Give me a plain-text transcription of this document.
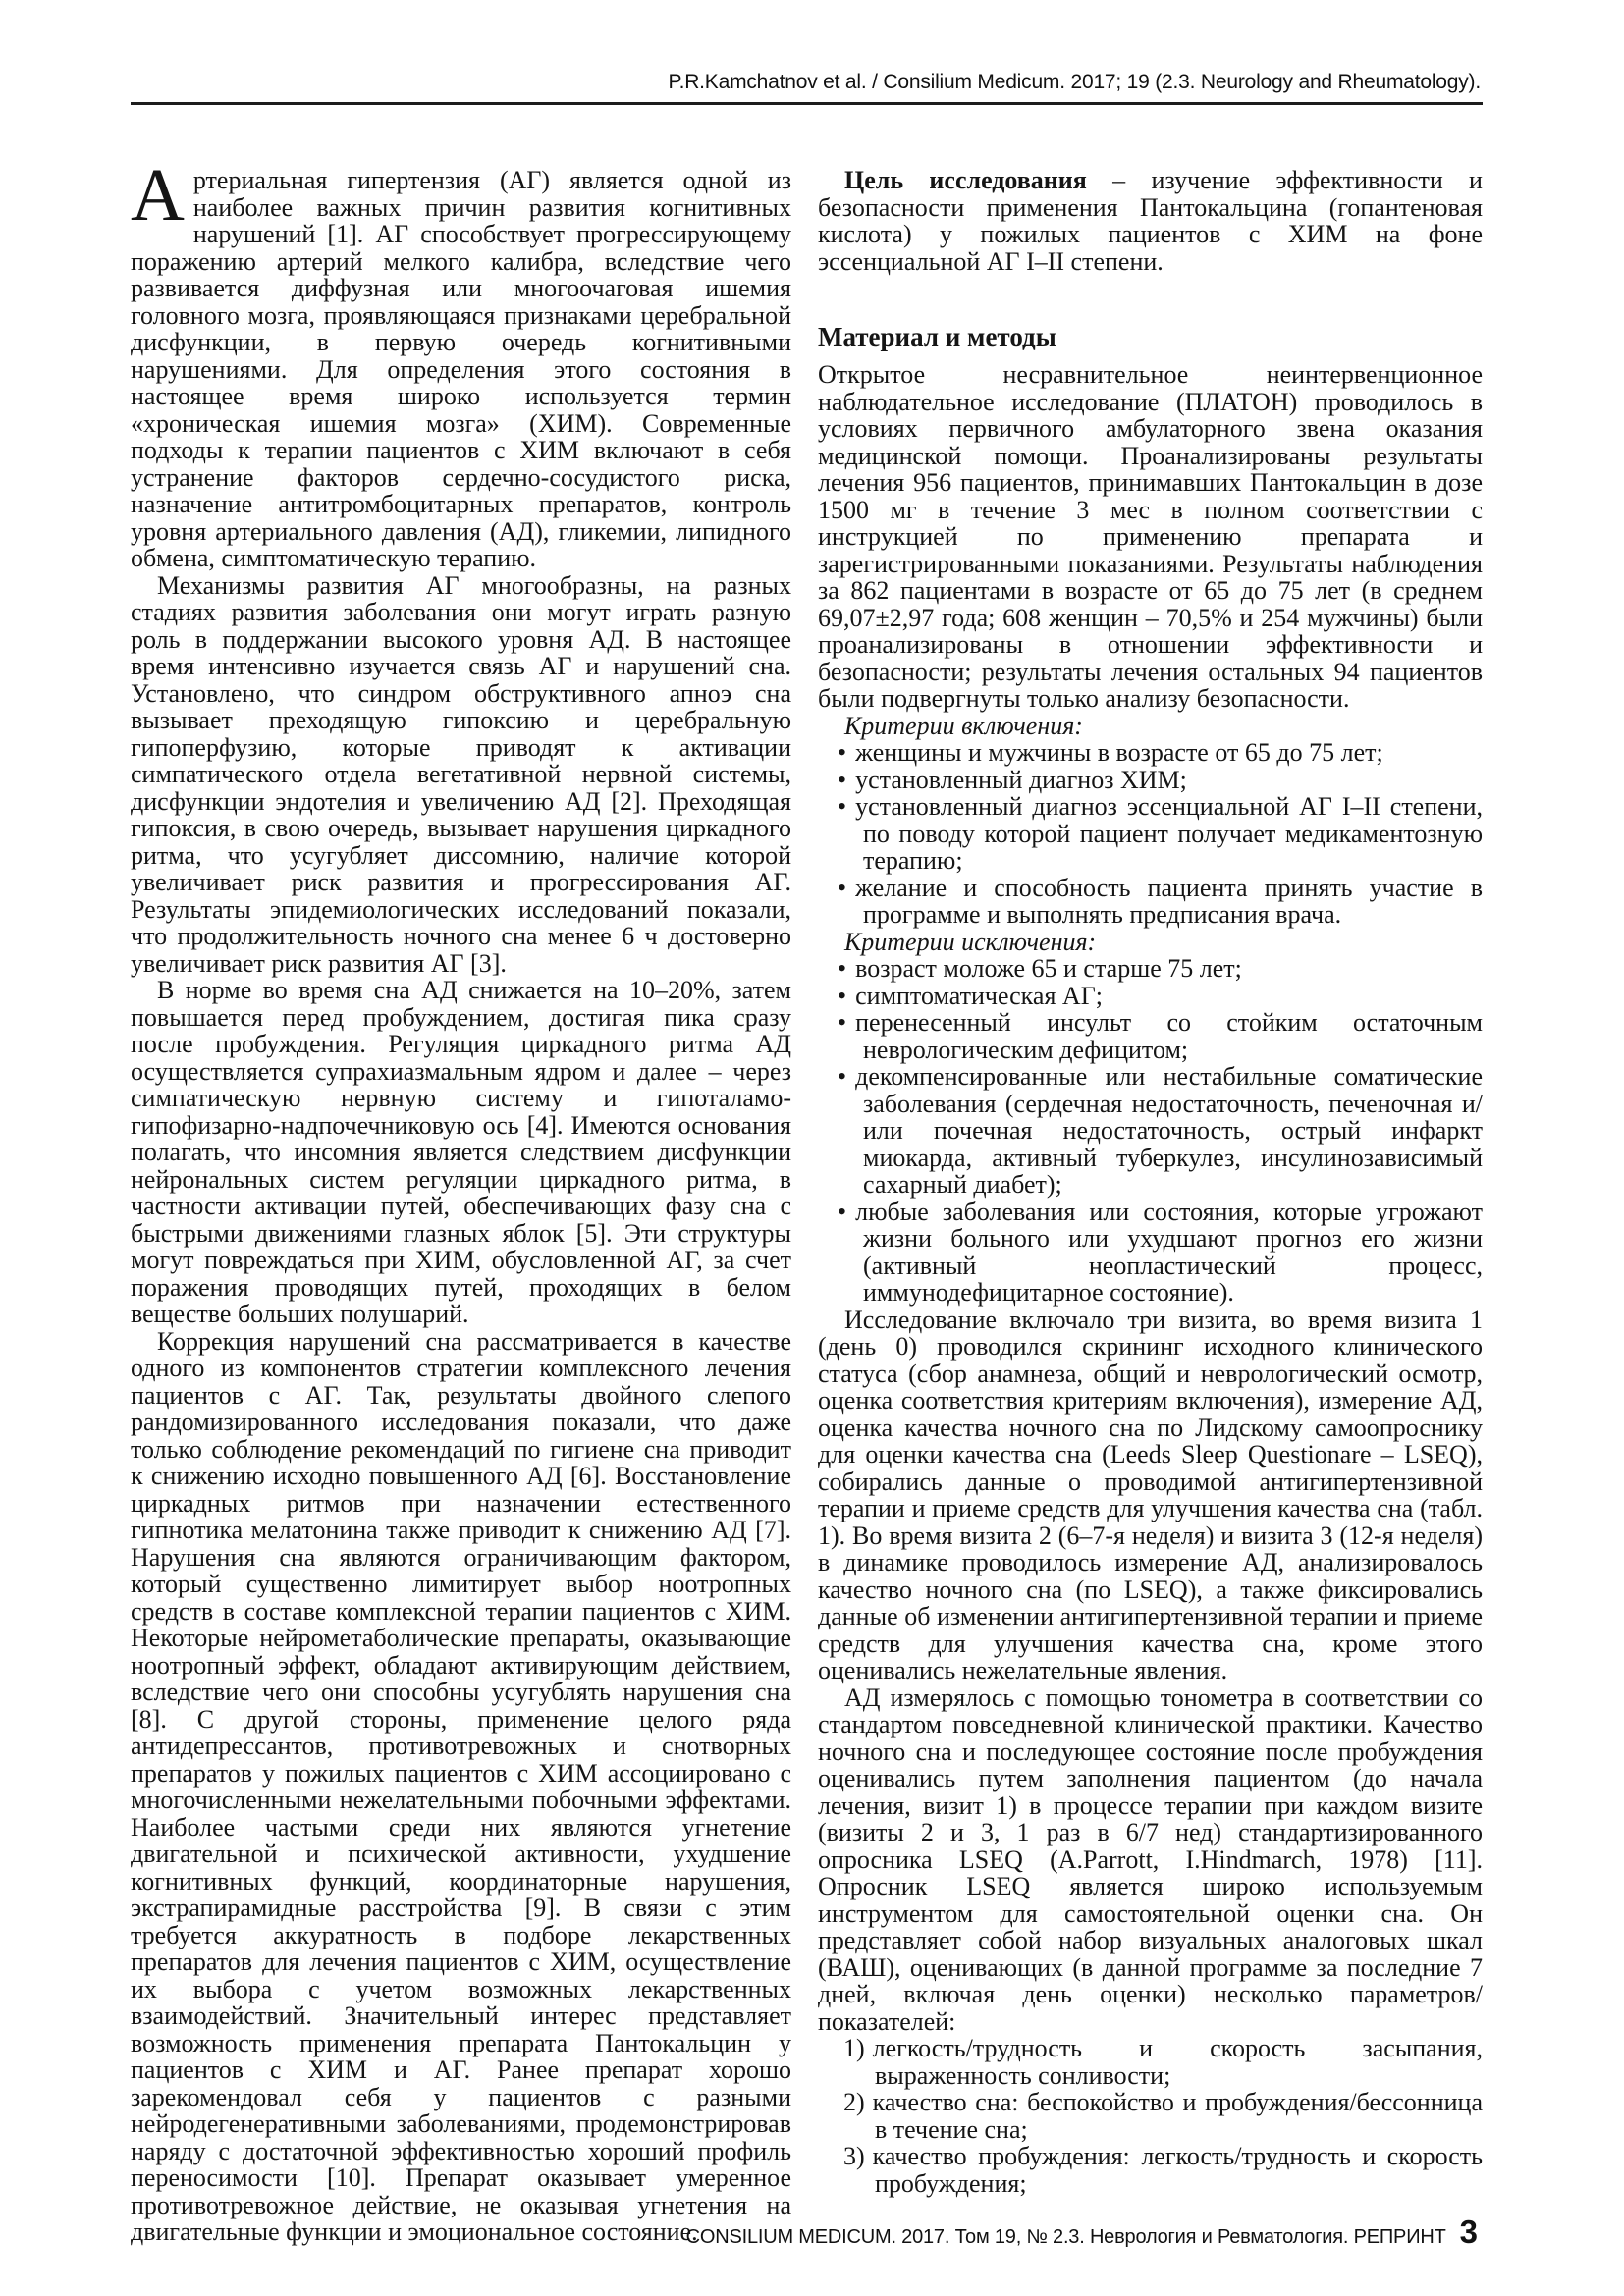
P.R.Kamchatnov et al. / Consilium Medicum. 2017; 19 (2.3. Neurology and Rheumatology).

Артериальная гипертензия (АГ) является одной из наиболее важных причин развития когнитивных нарушений [1]. АГ способствует прогрессирующему поражению артерий мелкого калибра, вследствие чего развивается диффузная или многоочаговая ишемия головного мозга, проявляющаяся признаками церебральной дисфункции, в первую очередь когнитивными нарушениями. Для определения этого состояния в настоящее время широко используется термин «хроническая ишемия мозга» (ХИМ). Современные подходы к терапии пациентов с ХИМ включают в себя устранение факторов сердечно-сосудистого риска, назначение антитромбоцитарных препаратов, контроль уровня артериального давления (АД), гликемии, липидного обмена, симптоматическую терапию.

Механизмы развития АГ многообразны, на разных стадиях развития заболевания они могут играть разную роль в поддержании высокого уровня АД. В настоящее время интенсивно изучается связь АГ и нарушений сна. Установлено, что синдром обструктивного апноэ сна вызывает преходящую гипоксию и церебральную гипоперфузию, которые приводят к активации симпатического отдела вегетативной нервной системы, дисфункции эндотелия и увеличению АД [2]. Преходящая гипоксия, в свою очередь, вызывает нарушения циркадного ритма, что усугубляет диссомнию, наличие которой увеличивает риск развития и прогрессирования АГ. Результаты эпидемиологических исследований показали, что продолжительность ночного сна менее 6 ч достоверно увеличивает риск развития АГ [3].

В норме во время сна АД снижается на 10–20%, затем повышается перед пробуждением, достигая пика сразу после пробуждения. Регуляция циркадного ритма АД осуществляется супрахиазмальным ядром и далее – через симпатическую нервную систему и гипоталамо-гипофизарно-надпочечниковую ось [4]. Имеются основания полагать, что инсомния является следствием дисфункции нейрональных систем регуляции циркадного ритма, в частности активации путей, обеспечивающих фазу сна с быстрыми движениями глазных яблок [5]. Эти структуры могут повреждаться при ХИМ, обусловленной АГ, за счет поражения проводящих путей, проходящих в белом веществе больших полушарий.

Коррекция нарушений сна рассматривается в качестве одного из компонентов стратегии комплексного лечения пациентов с АГ. Так, результаты двойного слепого рандомизированного исследования показали, что даже только соблюдение рекомендаций по гигиене сна приводит к снижению исходно повышенного АД [6]. Восстановление циркадных ритмов при назначении естественного гипнотика мелатонина также приводит к снижению АД [7]. Нарушения сна являются ограничивающим фактором, который существенно лимитирует выбор ноотропных средств в составе комплексной терапии пациентов с ХИМ. Некоторые нейрометаболические препараты, оказывающие ноотропный эффект, обладают активирующим действием, вследствие чего они способны усугублять нарушения сна [8]. С другой стороны, применение целого ряда антидепрессантов, противотревожных и снотворных препаратов у пожилых пациентов с ХИМ ассоциировано с многочисленными нежелательными побочными эффектами. Наиболее частыми среди них являются угнетение двигательной и психической активности, ухудшение когнитивных функций, координаторные нарушения, экстрапирамидные расстройства [9]. В связи с этим требуется аккуратность в подборе лекарственных препаратов для лечения пациентов с ХИМ, осуществление их выбора с учетом возможных лекарственных взаимодействий. Значительный интерес представляет возможность применения препарата Пантокальцин у пациентов с ХИМ и АГ. Ранее препарат хорошо зарекомендовал себя у пациентов с разными нейродегенеративными заболеваниями, продемонстрировав наряду с достаточной эффективностью хороший профиль переносимости [10]. Препарат оказывает умеренное противотревожное действие, не оказывая угнетения на двигательные функции и эмоциональное состояние.

Цель исследования – изучение эффективности и безопасности применения Пантокальцина (гопантеновая кислота) у пожилых пациентов с ХИМ на фоне эссенциальной АГ I–II степени.

Материал и методы

Открытое несравнительное неинтервенционное наблюдательное исследование (ПЛАТОН) проводилось в условиях первичного амбулаторного звена оказания медицинской помощи. Проанализированы результаты лечения 956 пациентов, принимавших Пантокальцин в дозе 1500 мг в течение 3 мес в полном соответствии с инструкцией по применению препарата и зарегистрированными показаниями. Результаты наблюдения за 862 пациентами в возрасте от 65 до 75 лет (в среднем 69,07±2,97 года; 608 женщин – 70,5% и 254 мужчины) были проанализированы в отношении эффективности и безопасности; результаты лечения остальных 94 пациентов были подвергнуты только анализу безопасности.

Критерии включения:

• женщины и мужчины в возрасте от 65 до 75 лет;

• установленный диагноз ХИМ;

• установленный диагноз эссенциальной АГ I–II степени, по поводу которой пациент получает медикаментозную терапию;

• желание и способность пациента принять участие в программе и выполнять предписания врача.

Критерии исключения:

• возраст моложе 65 и старше 75 лет;

• симптоматическая АГ;

• перенесенный инсульт со стойким остаточным неврологическим дефицитом;

• декомпенсированные или нестабильные соматические заболевания (сердечная недостаточность, печеночная и/или почечная недостаточность, острый инфаркт миокарда, активный туберкулез, инсулинозависимый сахарный диабет);

• любые заболевания или состояния, которые угрожают жизни больного или ухудшают прогноз его жизни (активный неопластический процесс, иммунодефицитарное состояние).

Исследование включало три визита, во время визита 1 (день 0) проводился скрининг исходного клинического статуса (сбор анамнеза, общий и неврологический осмотр, оценка соответствия критериям включения), измерение АД, оценка качества ночного сна по Лидскому самоопроснику для оценки качества сна (Leeds Sleep Questionare – LSEQ), собирались данные о проводимой антигипертензивной терапии и приеме средств для улучшения качества сна (табл. 1). Во время визита 2 (6–7-я неделя) и визита 3 (12-я неделя) в динамике проводилось измерение АД, анализировалось качество ночного сна (по LSEQ), а также фиксировались данные об изменении антигипертензивной терапии и приеме средств для улучшения качества сна, кроме этого оценивались нежелательные явления.

АД измерялось с помощью тонометра в соответствии со стандартом повседневной клинической практики. Качество ночного сна и последующее состояние после пробуждения оценивались путем заполнения пациентом (до начала лечения, визит 1) в процессе терапии при каждом визите (визиты 2 и 3, 1 раз в 6/7 нед) стандартизированного опросника LSEQ (A.Parrott, I.Hindmarch, 1978) [11]. Опросник LSEQ является широко используемым инструментом для самостоятельной оценки сна. Он представляет собой набор визуальных аналоговых шкал (ВАШ), оценивающих (в данной программе за последние 7 дней, включая день оценки) несколько параметров/показателей:

1) легкость/трудность и скорость засыпания, выраженность сонливости;

2) качество сна: беспокойство и пробуждения/бессонница в течение сна;

3) качество пробуждения: легкость/трудность и скорость пробуждения;

CONSILIUM MEDICUM. 2017. Том 19, № 2.3. Неврология и Ревматология. РЕПРИНТ 3
